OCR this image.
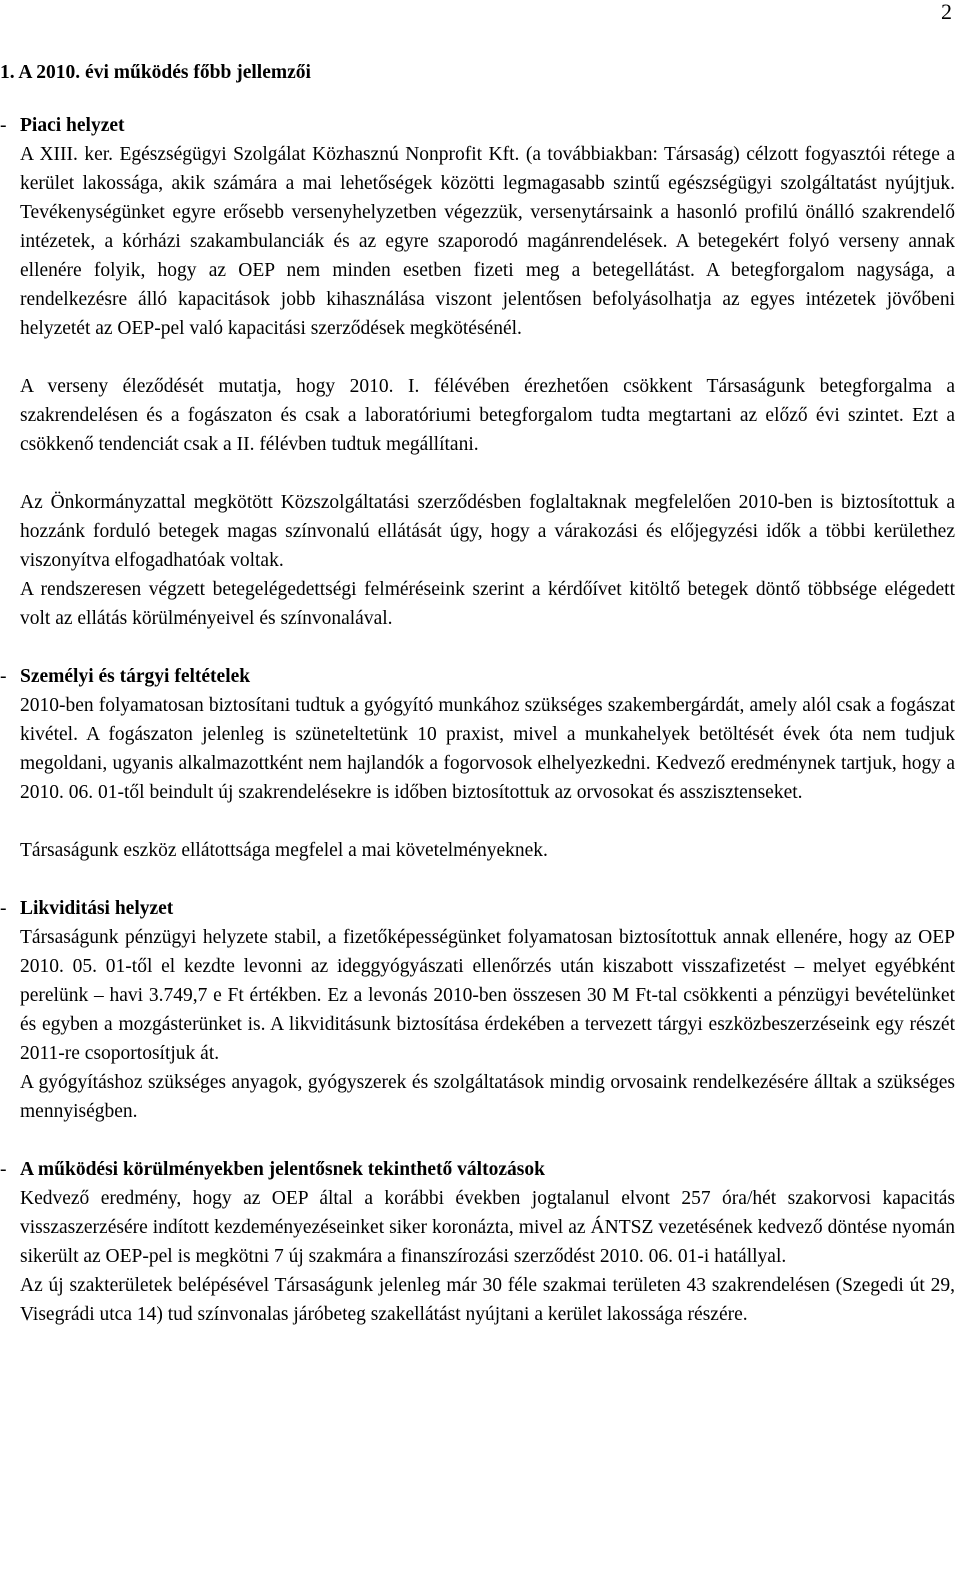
2
1. A 2010. évi működés főbb jellemzői
- Piaci helyzet

A XIII. ker. Egészségügyi Szolgálat Közhasznú Nonprofit Kft. (a továbbiakban: Társaság) célzott fogyasztói rétege a kerület lakossága, akik számára a mai lehetőségek közötti legmagasabb szintű egészségügyi szolgáltatást nyújtjuk. Tevékenységünket egyre erősebb versenyhelyzetben végezzük, versenytársaink a hasonló profilú önálló szakrendelő intézetek, a kórházi szakambulanciák és az egyre szaporodó magánrendelések. A betegekért folyó verseny annak ellenére folyik, hogy az OEP nem minden esetben fizeti meg a betegellátást. A betegforgalom nagysága, a rendelkezésre álló kapacitások jobb kihasználása viszont jelentősen befolyásolhatja az egyes intézetek jövőbeni helyzetét az OEP-pel való kapacitási szerződések megkötésénél.

A verseny éleződését mutatja, hogy 2010. I. félévében érezhetően csökkent Társaságunk betegforgalma a szakrendelésen és a fogászaton és csak a laboratóriumi betegforgalom tudta megtartani az előző évi szintet. Ezt a csökkenő tendenciát csak a II. félévben tudtuk megállítani.

Az Önkormányzattal megkötött Közszolgáltatási szerződésben foglaltaknak megfelelően 2010-ben is biztosítottuk a hozzánk forduló betegek magas színvonalú ellátását úgy, hogy a várakozási és előjegyzési idők a többi kerülethez viszonyítva elfogadhatóak voltak.

A rendszeresen végzett betegelégedettségi felméréseink szerint a kérdőívet kitöltő betegek döntő többsége elégedett volt az ellátás körülményeivel és színvonalával.

- Személyi és tárgyi feltételek

2010-ben folyamatosan biztosítani tudtuk a gyógyító munkához szükséges szakembergárdát, amely alól csak a fogászat kivétel. A fogászaton jelenleg is szüneteltetünk 10 praxist, mivel a munkahelyek betöltését évek óta nem tudjuk megoldani, ugyanis alkalmazottként nem hajlandók a fogorvosok elhelyezkedni. Kedvező eredménynek tartjuk, hogy a 2010. 06. 01-től beindult új szakrendelésekre is időben biztosítottuk az orvosokat és asszisztenseket.

Társaságunk eszköz ellátottsága megfelel a mai követelményeknek.

- Likviditási helyzet

Társaságunk pénzügyi helyzete stabil, a fizetőképességünket folyamatosan biztosítottuk annak ellenére, hogy az OEP 2010. 05. 01-től el kezdte levonni az ideggyógyászati ellenőrzés után kiszabott visszafizetést – melyet egyébként perelünk – havi 3.749,7 e Ft értékben. Ez a levonás 2010-ben összesen 30 M Ft-tal csökkenti a pénzügyi bevételünket és egyben a mozgásterünket is. A likviditásunk biztosítása érdekében a tervezett tárgyi eszközbeszerzéseink egy részét 2011-re csoportosítjuk át.

A gyógyításhoz szükséges anyagok, gyógyszerek és szolgáltatások mindig orvosaink rendelkezésére álltak a szükséges mennyiségben.

- A működési körülményekben jelentősnek tekinthető változások

Kedvező eredmény, hogy az OEP által a korábbi években jogtalanul elvont 257 óra/hét szakorvosi kapacitás visszaszerzésére indított kezdeményezéseinket siker koronázta, mivel az ÁNTSZ vezetésének kedvező döntése nyomán sikerült az OEP-pel is megkötni 7 új szakmára a finanszírozási szerződést 2010. 06. 01-i hatállyal.

Az új szakterületek belépésével Társaságunk jelenleg már 30 féle szakmai területen 43 szakrendelésen (Szegedi út 29, Visegrádi utca 14) tud színvonalas járóbeteg szakellátást nyújtani a kerület lakossága részére.
